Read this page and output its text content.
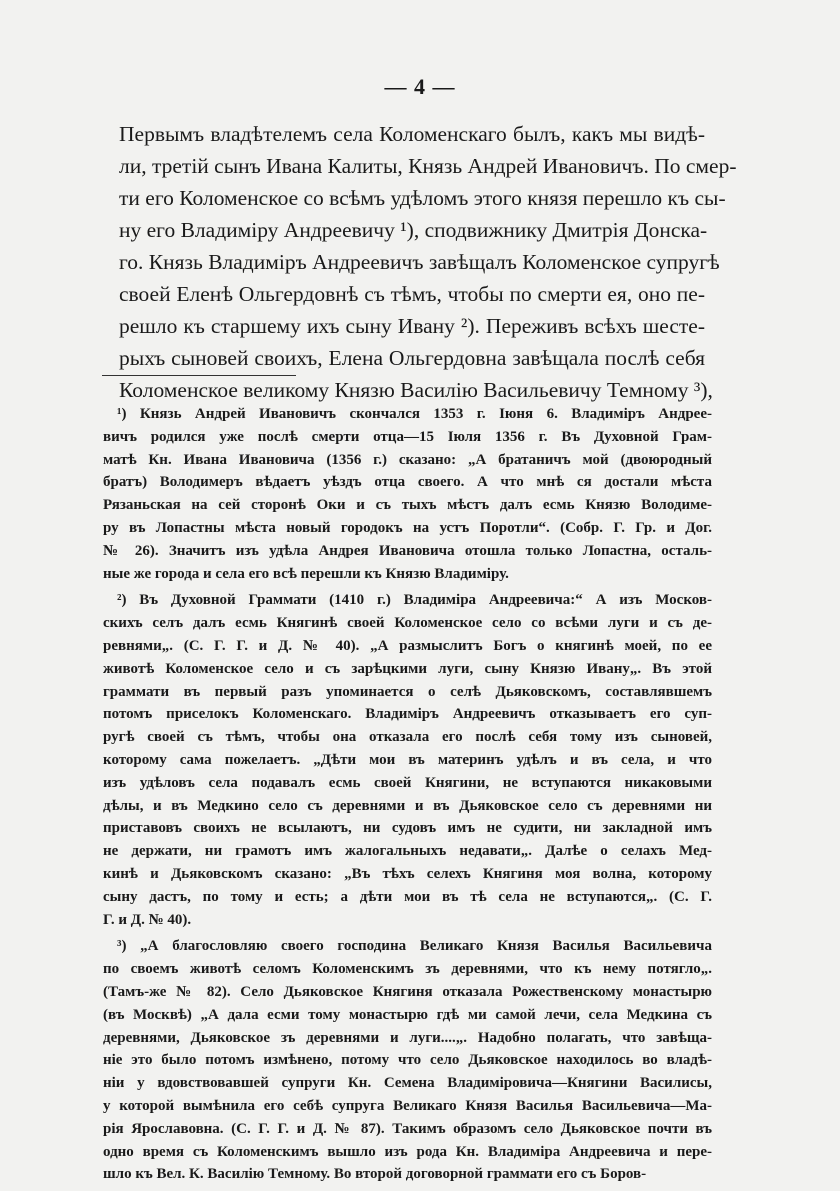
— 4 —
Первымъ владѣтелемъ села Коломенскаго былъ, какъ мы видѣ-
ли, третій сынъ Ивана Калиты, Князь Андрей Ивановичъ. По смер-
ти его Коломенское со всѣмъ удѣломъ этого князя перешло къ сы-
ну его Владиміру Андреевичу ¹), сподвижнику Дмитрія Донска-
го. Князь Владиміръ Андреевичъ завѣщалъ Коломенское супругѣ
своей Еленѣ Ольгердовнѣ съ тѣмъ, чтобы по смерти ея, оно пе-
решло къ старшему ихъ сыну Ивану ²). Переживъ всѣхъ шесте-
рыхъ сыновей своихъ, Елена Ольгердовна завѣщала послѣ себя
Коломенское великому Князю Василію Васильевичу Темному ³),
¹) Князь Андрей Ивановичъ скончался 1353 г. Іюня 6. Владиміръ Андрее-
вичъ родился уже послѣ смерти отца—15 Іюля 1356 г. Въ Духовной Грам-
матѣ Кн. Ивана Ивановича (1356 г.) сказано: „А братаничъ мой (двоюродный
братъ) Володимеръ вѣдаетъ уѣздъ отца своего. А что мнѣ ся достали мѣста
Рязаньская на сей сторонѣ Оки и съ тыхъ мѣстъ далъ есмь Князю Володиме-
ру въ Лопастны мѣста новый городокъ на устъ Поротли“. (Собр. Г. Гр. и Дог.
№ 26). Значитъ изъ удѣла Андрея Ивановича отошла только Лопастна, осталь-
ные же города и села его всѣ перешли къ Князю Владиміру.
²) Въ Духовной Граммати (1410 г.) Владиміра Андреевича:“ А изъ Москов-
скихъ селъ далъ есмь Княгинѣ своей Коломенское село со всѣми луги и съ де-
ревнями„. (С. Г. Г. и Д. № 40). „А размыслитъ Богъ о княгинѣ моей, по ее
животѣ Коломенское село и съ зарѣцкими луги, сыну Князю Ивану„. Въ этой
граммати въ первый разъ упоминается о селѣ Дьяковскомъ, составлявшемъ
потомъ приселокъ Коломенскаго. Владиміръ Андреевичъ отказываетъ его суп-
ругѣ своей съ тѣмъ, чтобы она отказала его послѣ себя тому изъ сыновей,
которому сама пожелаетъ. „Дѣти мои въ материнъ удѣлъ и въ села, и что
изъ удѣловъ села подавалъ есмь своей Княгини, не вступаются никаковыми
дѣлы, и въ Медкино село съ деревнями и въ Дьяковское село съ деревнями ни
приставовъ своихъ не всылаютъ, ни судовъ имъ не судити, ни закладной имъ
не держати, ни грамотъ имъ жалогальныхъ недавати„. Далѣе о селахъ Мед-
кинѣ и Дьяковскомъ сказано: „Въ тѣхъ селехъ Княгиня моя волна, которому
сыну дастъ, по тому и есть; а дѣти мои въ тѣ села не вступаются„. (С. Г.
Г. и Д. № 40).
³) „А благословляю своего господина Великаго Князя Василья Васильевича
по своемъ животѣ селомъ Коломенскимъ зъ деревнями, что къ нему потягло„.
(Тамъ-же № 82). Село Дьяковское Княгиня отказала Рожественскому монастырю
(въ Москвѣ) „А дала есми тому монастырю гдѣ ми самой лечи, села Медкина съ
деревнями, Дьяковское зъ деревнями и луги....„. Надобно полагать, что завѣща-
ніе это было потомъ измѣнено, потому что село Дьяковское находилось во владѣ-
ніи у вдовствовавшей супруги Кн. Семена Владиміровича—Княгини Василисы,
у которой вымѣнила его себѣ супруга Великаго Князя Василья Васильевича—Ма-
рія Ярославовна. (С. Г. Г. и Д. № 87). Такимъ образомъ село Дьяковское почти въ
одно время съ Коломенскимъ вышло изъ рода Кн. Владиміра Андреевича и пере-
шло къ Вел. К. Василію Темному. Во второй договорной граммати его съ Боров-
